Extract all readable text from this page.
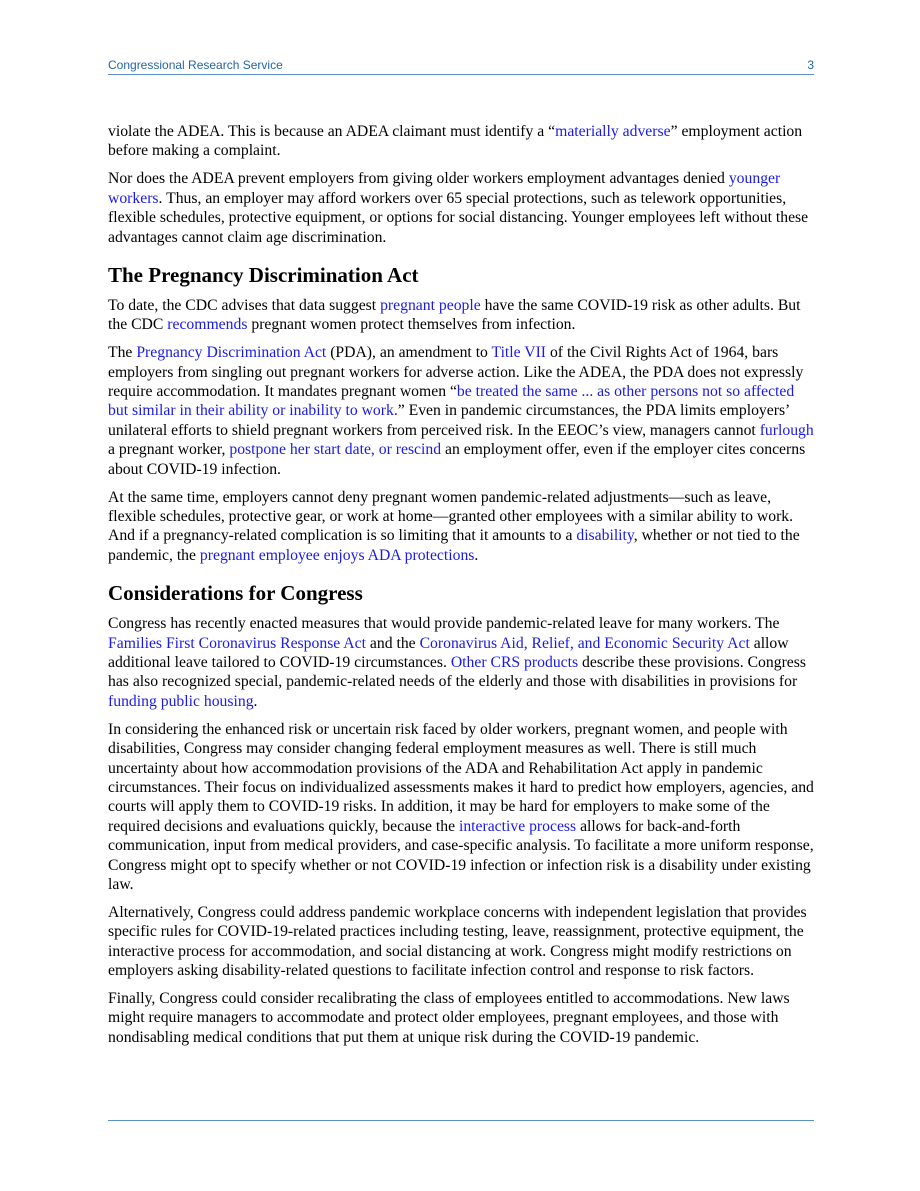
Congressional Research Service	3

violate the ADEA. This is because an ADEA claimant must identify a “materially adverse” employment action before making a complaint.

Nor does the ADEA prevent employers from giving older workers employment advantages denied younger workers. Thus, an employer may afford workers over 65 special protections, such as telework opportunities, flexible schedules, protective equipment, or options for social distancing. Younger employees left without these advantages cannot claim age discrimination.

The Pregnancy Discrimination Act

To date, the CDC advises that data suggest pregnant people have the same COVID-19 risk as other adults. But the CDC recommends pregnant women protect themselves from infection.

The Pregnancy Discrimination Act (PDA), an amendment to Title VII of the Civil Rights Act of 1964, bars employers from singling out pregnant workers for adverse action. Like the ADEA, the PDA does not expressly require accommodation. It mandates pregnant women “be treated the same ... as other persons not so affected but similar in their ability or inability to work.” Even in pandemic circumstances, the PDA limits employers’ unilateral efforts to shield pregnant workers from perceived risk. In the EEOC’s view, managers cannot furlough a pregnant worker, postpone her start date, or rescind an employment offer, even if the employer cites concerns about COVID-19 infection.

At the same time, employers cannot deny pregnant women pandemic-related adjustments—such as leave, flexible schedules, protective gear, or work at home—granted other employees with a similar ability to work. And if a pregnancy-related complication is so limiting that it amounts to a disability, whether or not tied to the pandemic, the pregnant employee enjoys ADA protections.

Considerations for Congress

Congress has recently enacted measures that would provide pandemic-related leave for many workers. The Families First Coronavirus Response Act and the Coronavirus Aid, Relief, and Economic Security Act allow additional leave tailored to COVID-19 circumstances. Other CRS products describe these provisions. Congress has also recognized special, pandemic-related needs of the elderly and those with disabilities in provisions for funding public housing.

In considering the enhanced risk or uncertain risk faced by older workers, pregnant women, and people with disabilities, Congress may consider changing federal employment measures as well. There is still much uncertainty about how accommodation provisions of the ADA and Rehabilitation Act apply in pandemic circumstances. Their focus on individualized assessments makes it hard to predict how employers, agencies, and courts will apply them to COVID-19 risks. In addition, it may be hard for employers to make some of the required decisions and evaluations quickly, because the interactive process allows for back-and-forth communication, input from medical providers, and case-specific analysis. To facilitate a more uniform response, Congress might opt to specify whether or not COVID-19 infection or infection risk is a disability under existing law.

Alternatively, Congress could address pandemic workplace concerns with independent legislation that provides specific rules for COVID-19-related practices including testing, leave, reassignment, protective equipment, the interactive process for accommodation, and social distancing at work. Congress might modify restrictions on employers asking disability-related questions to facilitate infection control and response to risk factors.

Finally, Congress could consider recalibrating the class of employees entitled to accommodations. New laws might require managers to accommodate and protect older employees, pregnant employees, and those with nondisabling medical conditions that put them at unique risk during the COVID-19 pandemic.
